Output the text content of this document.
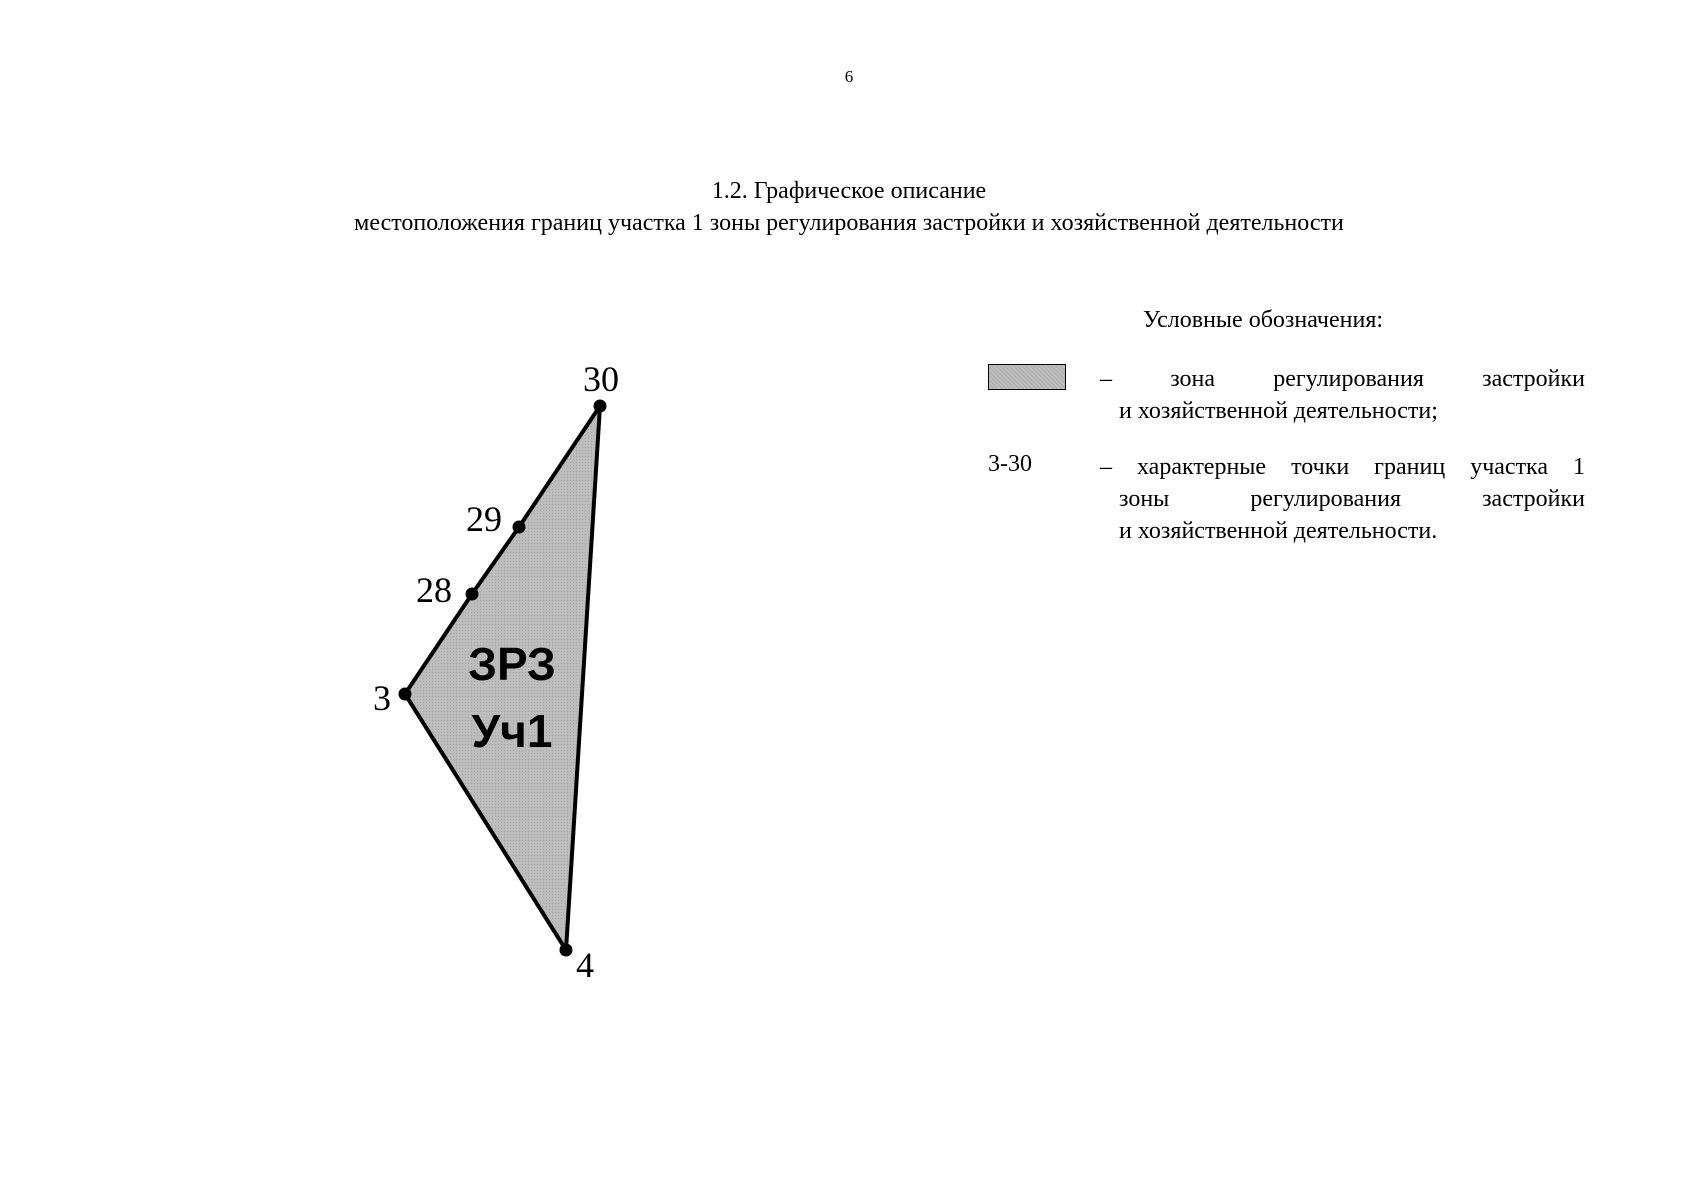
6
1.2. Графическое описание
местоположения границ участка 1 зоны регулирования застройки и хозяйственной деятельности
30
29
28
3
4
ЗРЗ
Уч1
Условные обозначения:
– зона регулирования застройки
и хозяйственной деятельности;
3-30	– характерные точки границ участка 1
зоны регулирования застройки
и хозяйственной деятельности.
